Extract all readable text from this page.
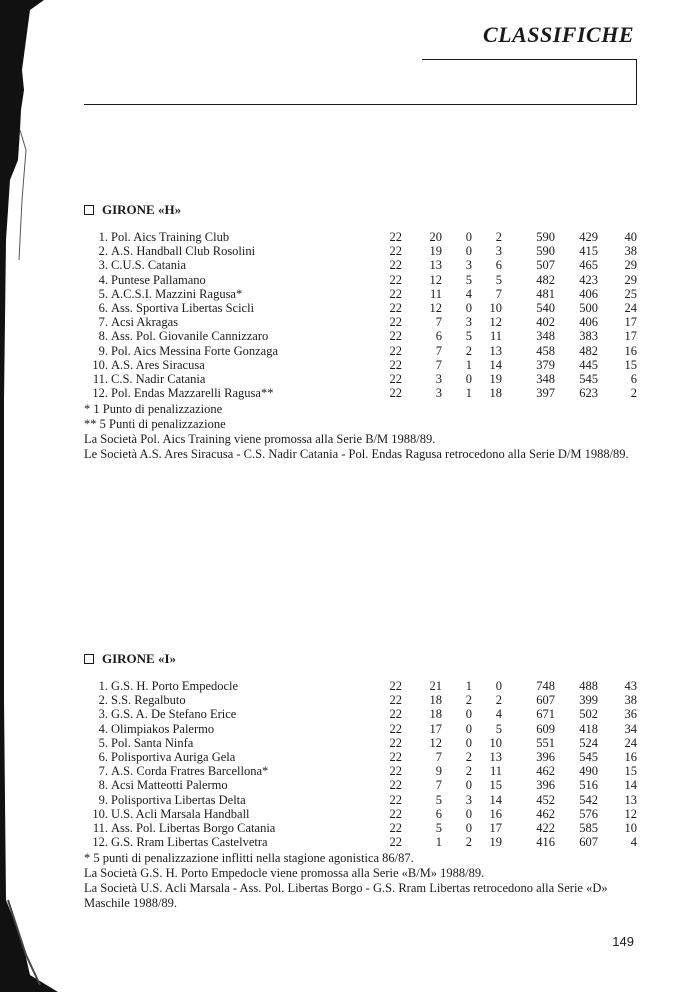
CLASSIFICHE
GIRONE «H»
1. Pol. Aics Training Club	22	20	0	2	590	429	40
2. A.S. Handball Club Rosolini	22	19	0	3	590	415	38
3. C.U.S. Catania	22	13	3	6	507	465	29
4. Puntese Pallamano	22	12	5	5	482	423	29
5. A.C.S.I. Mazzini Ragusa*	22	11	4	7	481	406	25
6. Ass. Sportiva Libertas Scicli	22	12	0	10	540	500	24
7. Acsi Akragas	22	7	3	12	402	406	17
8. Ass. Pol. Giovanile Cannizzaro	22	6	5	11	348	383	17
9. Pol. Aics Messina Forte Gonzaga	22	7	2	13	458	482	16
10. A.S. Ares Siracusa	22	7	1	14	379	445	15
11. C.S. Nadir Catania	22	3	0	19	348	545	6
12. Pol. Endas Mazzarelli Ragusa**	22	3	1	18	397	623	2
* 1 Punto di penalizzazione
** 5 Punti di penalizzazione
La Società Pol. Aics Training viene promossa alla Serie B/M 1988/89.
Le Società A.S. Ares Siracusa - C.S. Nadir Catania - Pol. Endas Ragusa retrocedono alla Serie D/M 1988/89.
GIRONE «I»
1. G.S. H. Porto Empedocle	22	21	1	0	748	488	43
2. S.S. Regalbuto	22	18	2	2	607	399	38
3. G.S. A. De Stefano Erice	22	18	0	4	671	502	36
4. Olimpiakos Palermo	22	17	0	5	609	418	34
5. Pol. Santa Ninfa	22	12	0	10	551	524	24
6. Polisportiva Auriga Gela	22	7	2	13	396	545	16
7. A.S. Corda Fratres Barcellona*	22	9	2	11	462	490	15
8. Acsi Matteotti Palermo	22	7	0	15	396	516	14
9. Polisportiva Libertas Delta	22	5	3	14	452	542	13
10. U.S. Acli Marsala Handball	22	6	0	16	462	576	12
11. Ass. Pol. Libertas Borgo Catania	22	5	0	17	422	585	10
12. G.S. Rram Libertas Castelvetra	22	1	2	19	416	607	4
* 5 punti di penalizzazione inflitti nella stagione agonistica 86/87.
La Società G.S. H. Porto Empedocle viene promossa alla Serie «B/M» 1988/89.
La Società U.S. Acli Marsala - Ass. Pol. Libertas Borgo - G.S. Rram Libertas retrocedono alla Serie «D» Maschile 1988/89.
149
